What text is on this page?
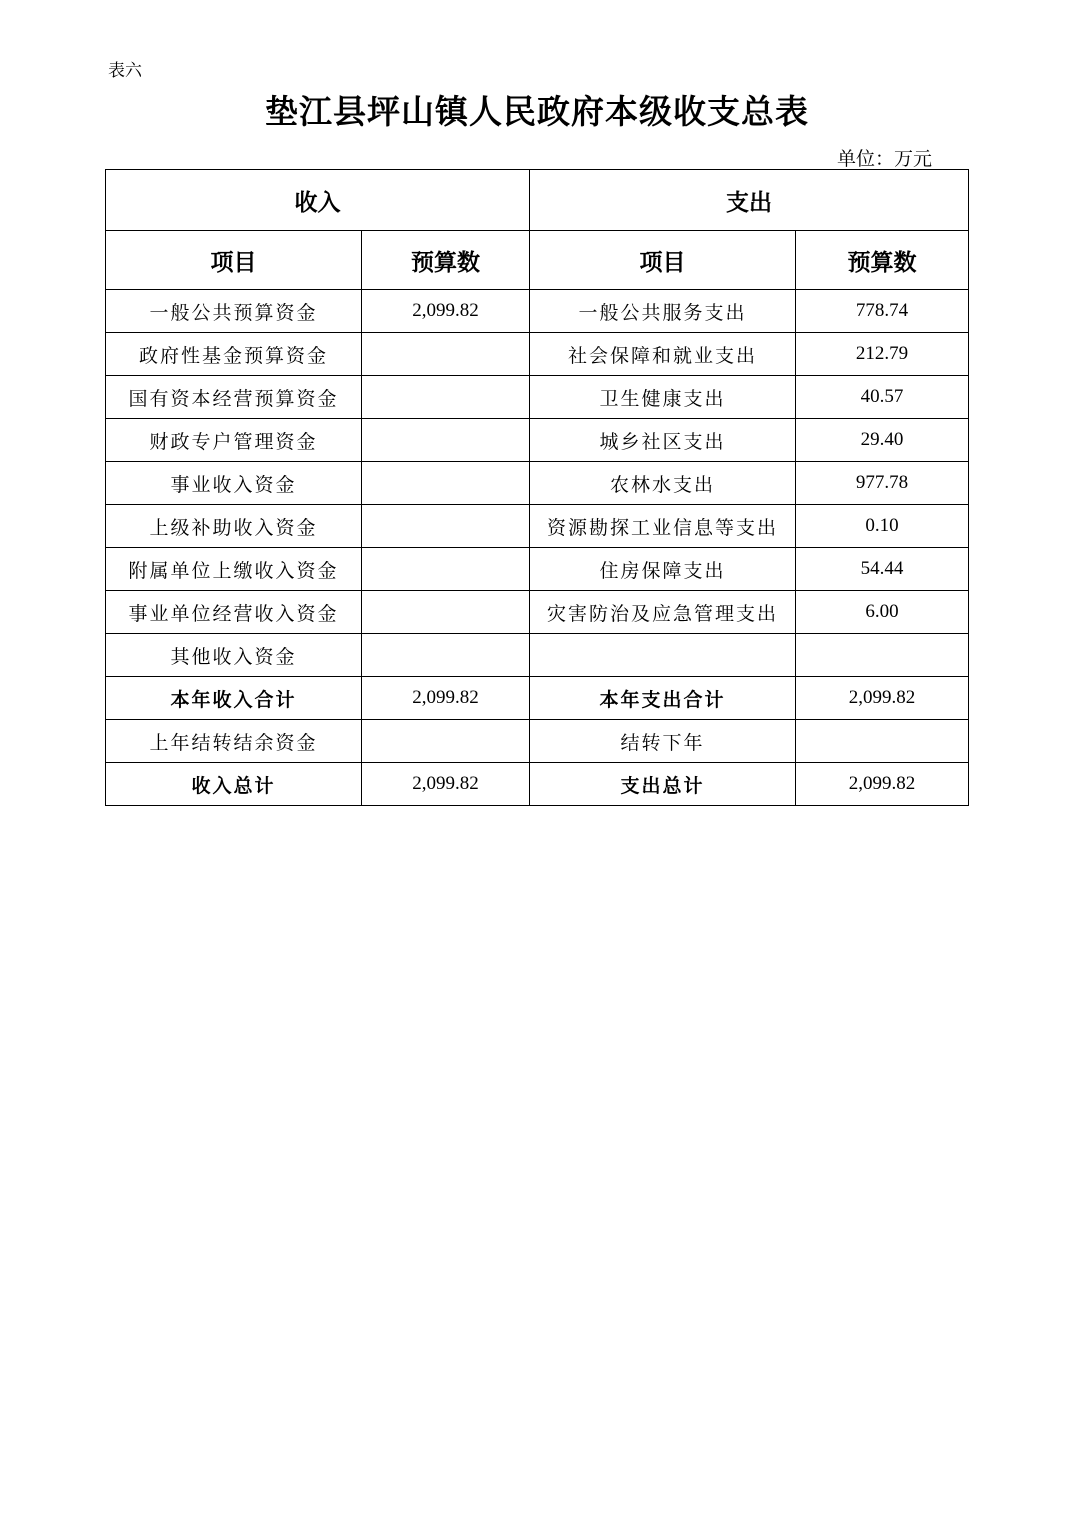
表六
垫江县坪山镇人民政府本级收支总表
单位：万元
收入		支出	
项目	预算数	项目	预算数
一般公共预算资金	2,099.82	一般公共服务支出	778.74
政府性基金预算资金		社会保障和就业支出	212.79
国有资本经营预算资金		卫生健康支出	40.57
财政专户管理资金		城乡社区支出	29.40
事业收入资金		农林水支出	977.78
上级补助收入资金		资源勘探工业信息等支出	0.10
附属单位上缴收入资金		住房保障支出	54.44
事业单位经营收入资金		灾害防治及应急管理支出	6.00
其他收入资金			
本年收入合计	2,099.82	本年支出合计	2,099.82
上年结转结余资金		结转下年	
收入总计	2,099.82	支出总计	2,099.82
